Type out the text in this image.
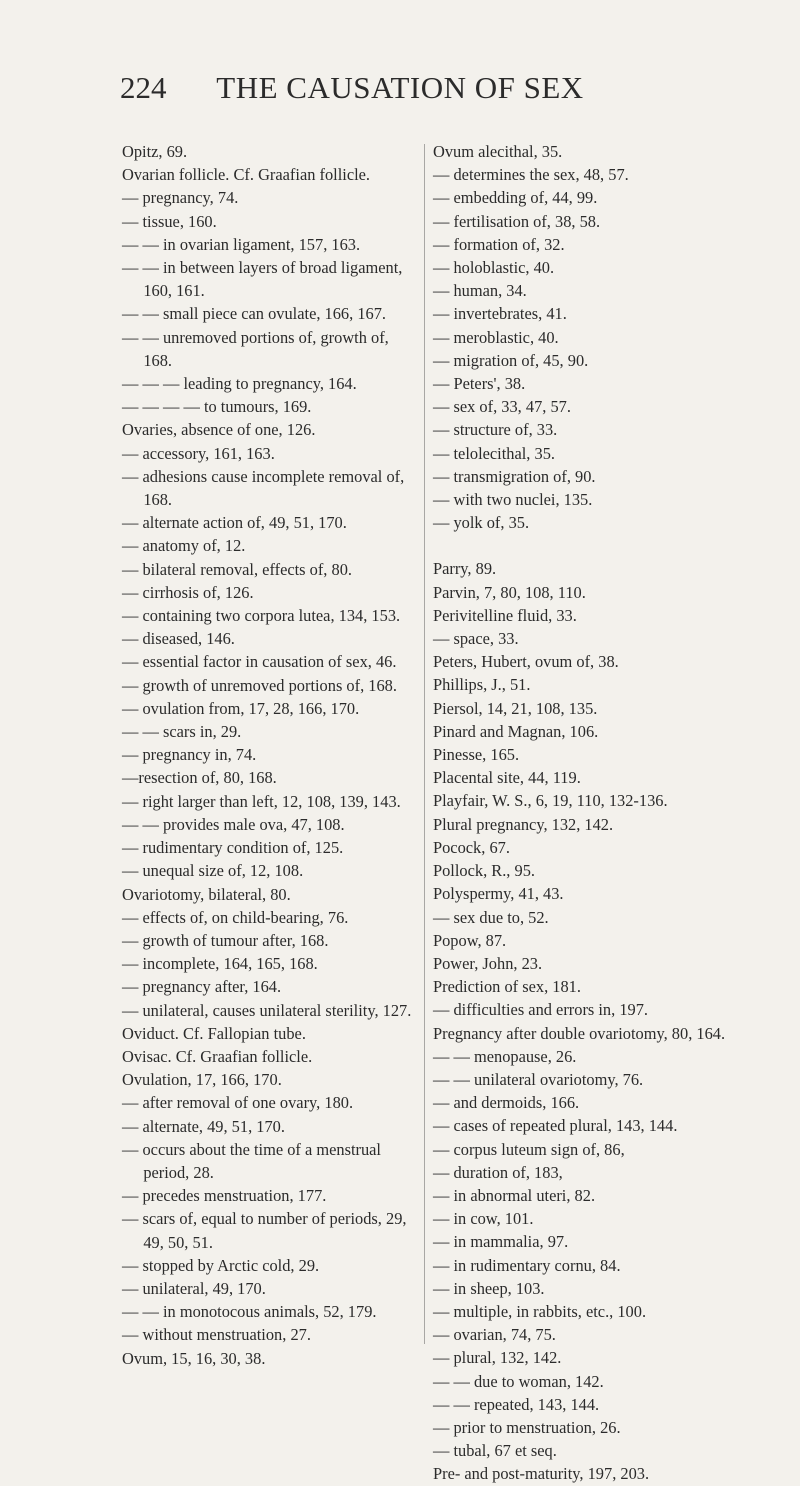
224	THE CAUSATION OF SEX
Opitz, 69.
Ovarian follicle. Cf. Graafian follicle.
— pregnancy, 74.
— tissue, 160.
— — in ovarian ligament, 157, 163.
— — in between layers of broad ligament, 160, 161.
— — small piece can ovulate, 166, 167.
— — unremoved portions of, growth of, 168.
— — — leading to pregnancy, 164.
— — — — to tumours, 169.
Ovaries, absence of one, 126.
— accessory, 161, 163.
— adhesions cause incomplete removal of, 168.
— alternate action of, 49, 51, 170.
— anatomy of, 12.
— bilateral removal, effects of, 80.
— cirrhosis of, 126.
— containing two corpora lutea, 134, 153.
— diseased, 146.
— essential factor in causation of sex, 46.
— growth of unremoved portions of, 168.
— ovulation from, 17, 28, 166, 170.
— — scars in, 29.
— pregnancy in, 74.
—resection of, 80, 168.
— right larger than left, 12, 108, 139, 143.
— — provides male ova, 47, 108.
— rudimentary condition of, 125.
— unequal size of, 12, 108.
Ovariotomy, bilateral, 80.
— effects of, on child-bearing, 76.
— growth of tumour after, 168.
— incomplete, 164, 165, 168.
— pregnancy after, 164.
— unilateral, causes unilateral sterility, 127.
Oviduct. Cf. Fallopian tube.
Ovisac. Cf. Graafian follicle.
Ovulation, 17, 166, 170.
— after removal of one ovary, 180.
— alternate, 49, 51, 170.
— occurs about the time of a menstrual period, 28.
— precedes menstruation, 177.
— scars of, equal to number of periods, 29, 49, 50, 51.
— stopped by Arctic cold, 29.
— unilateral, 49, 170.
— — in monotocous animals, 52, 179.
— without menstruation, 27.
Ovum, 15, 16, 30, 38.
Ovum alecithal, 35.
— determines the sex, 48, 57.
— embedding of, 44, 99.
— fertilisation of, 38, 58.
— formation of, 32.
— holoblastic, 40.
— human, 34.
— invertebrates, 41.
— meroblastic, 40.
— migration of, 45, 90.
— Peters', 38.
— sex of, 33, 47, 57.
— structure of, 33.
— telolecithal, 35.
— transmigration of, 90.
— with two nuclei, 135.
— yolk of, 35.
Parry, 89.
Parvin, 7, 80, 108, 110.
Perivitelline fluid, 33.
— space, 33.
Peters, Hubert, ovum of, 38.
Phillips, J., 51.
Piersol, 14, 21, 108, 135.
Pinard and Magnan, 106.
Pinesse, 165.
Placental site, 44, 119.
Playfair, W. S., 6, 19, 110, 132-136.
Plural pregnancy, 132, 142.
Pocock, 67.
Pollock, R., 95.
Polyspermy, 41, 43.
— sex due to, 52.
Popow, 87.
Power, John, 23.
Prediction of sex, 181.
— difficulties and errors in, 197.
Pregnancy after double ovariotomy, 80, 164.
— — menopause, 26.
— — unilateral ovariotomy, 76.
— and dermoids, 166.
— cases of repeated plural, 143, 144.
— corpus luteum sign of, 86,
— duration of, 183,
— in abnormal uteri, 82.
— in cow, 101.
— in mammalia, 97.
— in rudimentary cornu, 84.
— in sheep, 103.
— multiple, in rabbits, etc., 100.
— ovarian, 74, 75.
— plural, 132, 142.
— — due to woman, 142.
— — repeated, 143, 144.
— prior to menstruation, 26.
— tubal, 67 et seq.
Pre- and post-maturity, 197, 203.
